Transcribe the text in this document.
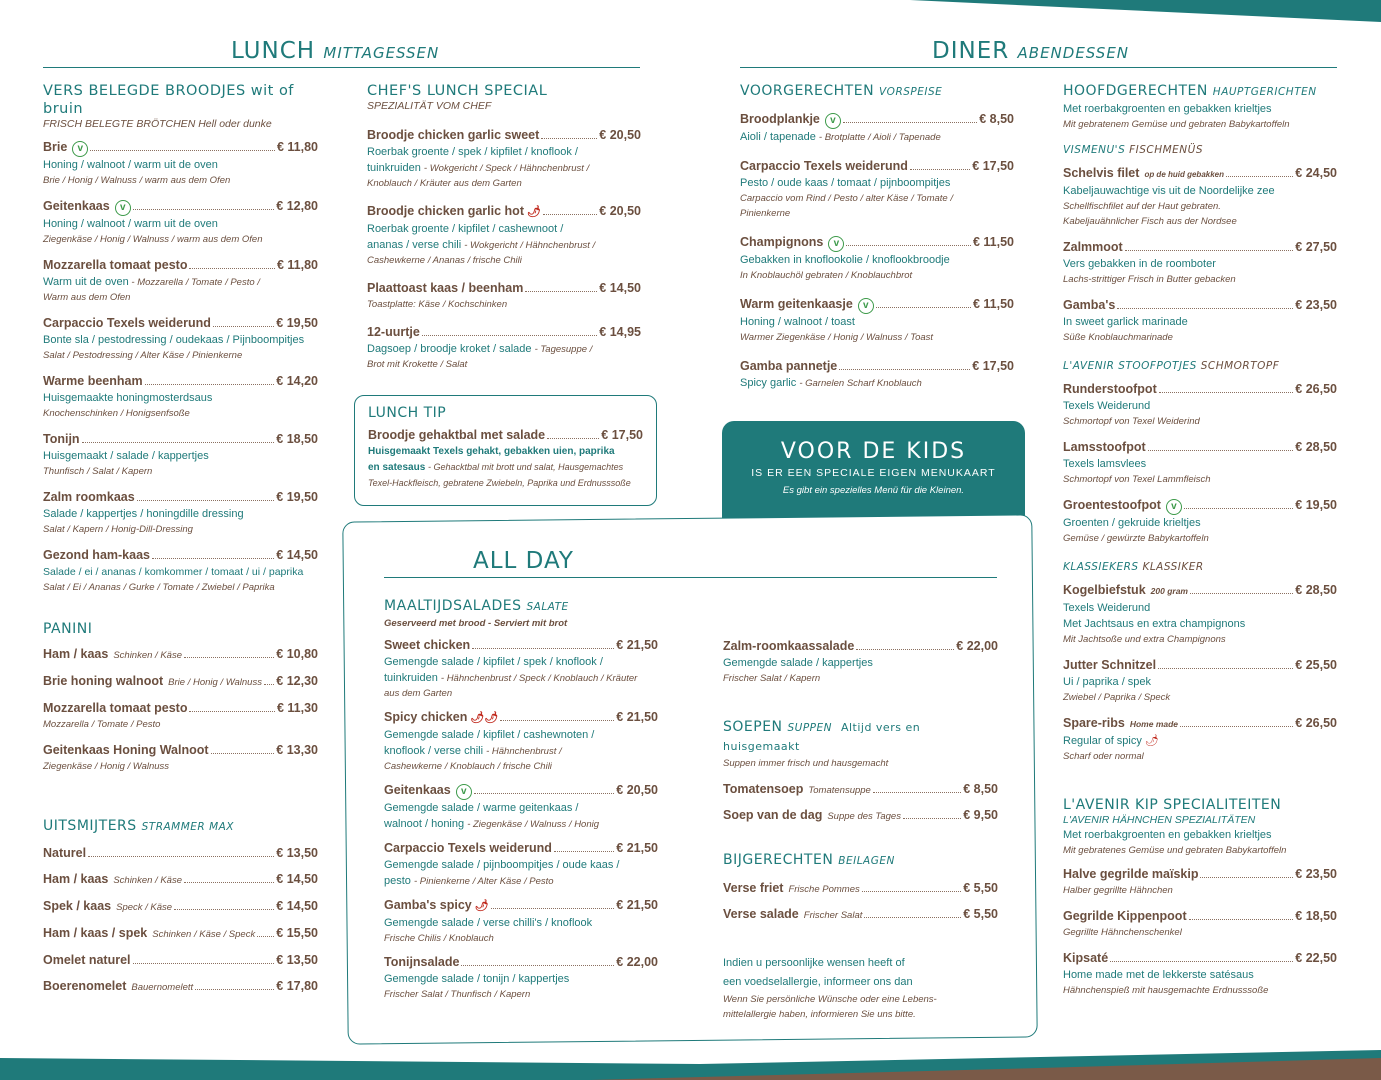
LUNCH MITTAGESSEN	DINER ABENDESSEN
VERS BELEGDE BROODJES wit of bruin
FRISCH BELEGTE BRÖTCHEN Hell oder dunke
Brie	v	€ 11,80
Honing / walnoot / warm uit de oven
Brie / Honig / Walnuss / warm aus dem Ofen
Geitenkaas	v	€ 12,80
Honing / walnoot / warm uit de oven
Ziegenkäse / Honig / Walnuss / warm aus dem Ofen
Mozzarella tomaat pesto	€ 11,80
Warm uit de oven - Mozzarella / Tomate / Pesto /
Warm aus dem Ofen
Carpaccio Texels weiderund	€ 19,50
Bonte sla / pestodressing / oudekaas / Pijnboompitjes
Salat / Pestodressing / Alter Käse / Pinienkerne
Warme beenham	€ 14,20
Huisgemaakte honingmosterdsaus
Knochenschinken / Honigsenfsoße
Tonijn	€ 18,50
Huisgemaakt / salade / kappertjes
Thunfisch / Salat / Kapern
Zalm roomkaas	€ 19,50
Salade / kappertjes / honingdille dressing
Salat / Kapern / Honig-Dill-Dressing
Gezond ham-kaas	€ 14,50
Salade / ei / ananas / komkommer / tomaat / ui / paprika
Salat / Ei / Ananas / Gurke / Tomate / Zwiebel / Paprika
PANINI
Ham / kaas Schinken / Käse	€ 10,80
Brie honing walnoot Brie / Honig / Walnuss € 12,30
Mozzarella tomaat pesto	€ 11,30
Mozzarella / Tomate / Pesto
Geitenkaas Honing Walnoot	€ 13,30
Ziegenkäse / Honig / Walnuss
UITSMIJTERS STRAMMER MAX
Naturel	€ 13,50
Ham / kaas Schinken / Käse	€ 14,50
Spek / kaas Speck / Käse	€ 14,50
Ham / kaas / spek Schinken / Käse / Speck € 15,50
Omelet naturel	€ 13,50
Boerenomelet Bauernomelett	€ 17,80
CHEF'S LUNCH SPECIAL
SPEZIALITÄT VOM CHEF
Broodje chicken garlic sweet	€ 20,50
Roerbak groente / spek / kipfilet / knoflook /
tuinkruiden - Wokgericht / Speck / Hähnchenbrust /
Knoblauch / Kräuter aus dem Garten
Broodje chicken garlic hot 🌶	€ 20,50
Roerbak groente / kipfilet / cashewnoot /
ananas / verse chili - Wokgericht / Hähnchenbrust /
Cashewkerne / Ananas / frische Chili
Plaattoast kaas / beenham	€ 14,50
Toastplatte: Käse / Kochschinken
12-uurtje	€ 14,95
Dagsoep / broodje kroket / salade - Tagesuppe /
Brot mit Krokette / Salat
LUNCH TIP
Broodje gehaktbal met salade	€ 17,50
Huisgemaakt Texels gehakt, gebakken uien, paprika
en satesaus - Gehacktbal mit brott und salat, Hausgemachtes
Texel-Hackfleisch, gebratene Zwiebeln, Paprika und Erdnusssoße
VOORGERECHTEN VORSPEISE
Broodplankje	v	€ 8,50
Aioli / tapenade - Brotplatte / Aioli / Tapenade
Carpaccio Texels weiderund	€ 17,50
Pesto / oude kaas / tomaat / pijnboompitjes
Carpaccio vom Rind / Pesto / alter Käse / Tomate /
Pinienkerne
Champignons	v	€ 11,50
Gebakken in knoflookolie / knoflookbroodje
In Knoblauchöl gebraten / Knoblauchbrot
Warm geitenkaasje	v	€ 11,50
Honing / walnoot / toast
Warmer Ziegenkäse / Honig / Walnuss / Toast
Gamba pannetje	€ 17,50
Spicy garlic - Garnelen Scharf Knoblauch
VOOR DE KIDS
IS ER EEN SPECIALE EIGEN MENUKAART
Es gibt ein spezielles Menü für die Kleinen.
ALL DAY
MAALTIJDSALADES SALATE
Geserveerd met brood - Serviert mit brot
Sweet chicken	€ 21,50
Gemengde salade / kipfilet / spek / knoflook /
tuinkruiden - Hähnchenbrust / Speck / Knoblauch / Kräuter
aus dem Garten
Spicy chicken 🌶🌶	€ 21,50
Gemengde salade / kipfilet / cashewnoten /
knoflook / verse chili - Hähnchenbrust /
Cashewkerne / Knoblauch / frische Chili
Geitenkaas	v	€ 20,50
Gemengde salade / warme geitenkaas /
walnoot / honing - Ziegenkäse / Walnuss / Honig
Carpaccio Texels weiderund	€ 21,50
Gemengde salade / pijnboompitjes / oude kaas /
pesto - Pinienkerne / Alter Käse / Pesto
Gamba's spicy 🌶	€ 21,50
Gemengde salade / verse chilli's / knoflook
Frische Chilis / Knoblauch
Tonijnsalade	€ 22,00
Gemengde salade / tonijn / kappertjes
Frischer Salat / Thunfisch / Kapern
Zalm-roomkaassalade	€ 22,00
Gemengde salade / kappertjes
Frischer Salat / Kapern
SOEPEN SUPPEN Altijd vers en huisgemaakt
Suppen immer frisch und hausgemacht
Tomatensoep Tomatensuppe	€ 8,50
Soep van de dag Suppe des Tages	€ 9,50
BIJGERECHTEN BEILAGEN
Verse friet Frische Pommes	€ 5,50
Verse salade Frischer Salat	€ 5,50
Indien u persoonlijke wensen heeft of
een voedselallergie, informeer ons dan
Wenn Sie persönliche Wünsche oder eine Lebens-
mittelallergie haben, informieren Sie uns bitte.
HOOFDGERECHTEN HAUPTGERICHTEN
Met roerbakgroenten en gebakken krieltjes
Mit gebratenem Gemüse und gebraten Babykartoffeln
VISMENU'S FISCHMENÜS
Schelvis filet op de huid gebakken	€ 24,50
Kabeljauwachtige vis uit de Noordelijke zee
Schellfischfilet auf der Haut gebraten.
Kabeljauähnlicher Fisch aus der Nordsee
Zalmmoot	€ 27,50
Vers gebakken in de roomboter
Lachs-strittiger Frisch in Butter gebacken
Gamba's	€ 23,50
In sweet garlick marinade
Süße Knoblauchmarinade
L'AVENIR STOOFPOTJES SCHMORTOPF
Runderstoofpot	€ 26,50
Texels Weiderund
Schmortopf von Texel Weiderind
Lamsstoofpot	€ 28,50
Texels lamsvlees
Schmortopf von Texel Lammfleisch
Groentestoofpot	v	€ 19,50
Groenten / gekruide krieltjes
Gemüse / gewürzte Babykartoffeln
KLASSIEKERS KLASSIKER
Kogelbiefstuk 200 gram	€ 28,50
Texels Weiderund
Met Jachtsaus en extra champignons
Mit Jachtsoße und extra Champignons
Jutter Schnitzel	€ 25,50
Ui / paprika / spek
Zwiebel / Paprika / Speck
Spare-ribs Home made	€ 26,50
Regular of spicy 🌶
Scharf oder normal
L'AVENIR KIP SPECIALITEITEN
L'AVENIR HÄHNCHEN SPEZIALITÄTEN
Met roerbakgroenten en gebakken krieltjes
Mit gebratenes Gemüse und gebraten Babykartoffeln
Halve gegrilde maïskip	€ 23,50
Halber gegrillte Hähnchen
Gegrilde Kippenpoot	€ 18,50
Gegrillte Hähnchenschenkel
Kipsaté	€ 22,50
Home made met de lekkerste satésaus
Hähnchenspieß mit hausgemachte Erdnusssoße
